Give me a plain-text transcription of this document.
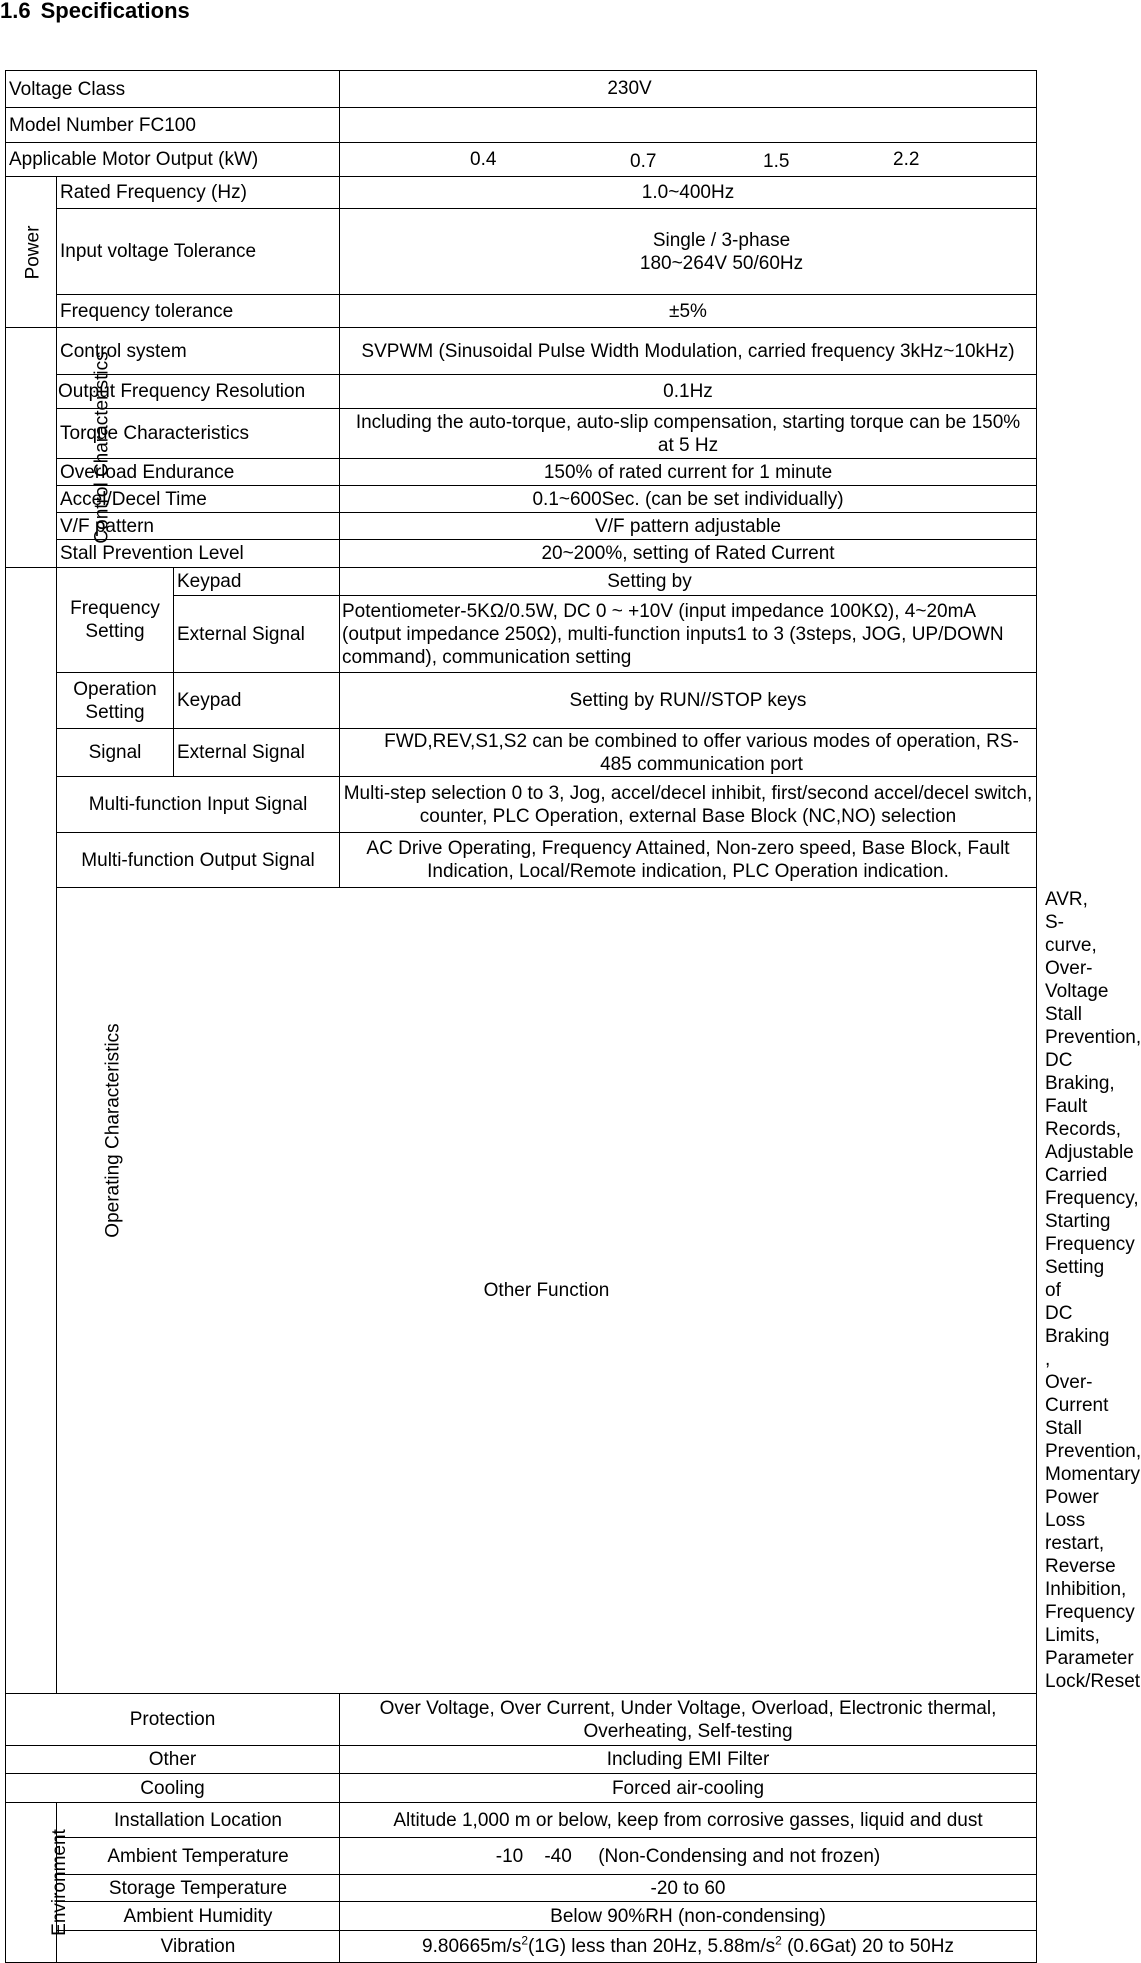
1.6 Specifications
Voltage Class			230V	
Model Number FC100				
Applicable Motor Output (kW)			0.4 0.7 1.5 2.2	

Power	Rated Frequency (Hz)		1.0~400Hz	
	Input voltage Tolerance		Single / 3-phase
180~264V 50/60Hz	

	Frequency tolerance		±5%	
Control Characteristics	Control system		SVPWM (Sinusoidal Pulse Width Modulation, carried frequency 3kHz~10kHz)	
	Output Frequency Resolution		0.1Hz	
	Torque Characteristics		Including the auto-torque, auto-slip compensation, starting torque can be 150% at 5 Hz	
	Overload Endurance		150% of rated current for 1 minute	
	Accel/Decel Time		0.1~600Sec. (can be set individually)	
	V/F pattern		V/F pattern adjustable	
	Stall Prevention Level		20~200%, setting of Rated Current	
Operating Characteristics	Frequency Setting	Keypad	Setting by	
		External Signal	Potentiometer-5KΩ/0.5W, DC 0 ~ +10V (input impedance 100KΩ), 4~20mA (output impedance 250Ω), multi-function inputs1 to 3 (3steps, JOG, UP/DOWN command), communication setting	
	Operation Setting	Keypad	Setting by RUN//STOP keys	
	Signal	External Signal	FWD,REV,S1,S2 can be combined to offer various modes of operation, RS-485 communication port	
	Multi-function Input Signal		Multi-step selection 0 to 3, Jog, accel/decel inhibit, first/second accel/decel switch, counter, PLC Operation, external Base Block (NC,NO) selection	
	Multi-function Output Signal		AC Drive Operating, Frequency Attained, Non-zero speed, Base Block, Fault Indication, Local/Remote indication, PLC Operation indication.	
	Other Function			AVR, S-curve, Over-Voltage Stall Prevention, DC Braking, Fault Records, Adjustable Carried Frequency, Starting Frequency Setting of DC Braking , Over-Current Stall Prevention, Momentary Power Loss restart, Reverse Inhibition, Frequency Limits, Parameter Lock/Reset
Protection			Over Voltage, Over Current, Under Voltage, Overload, Electronic thermal, Overheating, Self-testing	
Other			Including EMI Filter	
Cooling			Forced air-cooling	
Environment	Installation Location		Altitude 1,000 m or below, keep from corrosive gasses, liquid and dust	
	Ambient Temperature		-10    -40     (Non-Condensing and not frozen)	
	Storage Temperature		-20 to 60	
	Ambient Humidity		Below 90%RH (non-condensing)	
	Vibration		$9.80665m/s^2(1G)$ less than 20Hz, $5.88m/s^2$ (0.6Gat) 20 to 50Hz	
